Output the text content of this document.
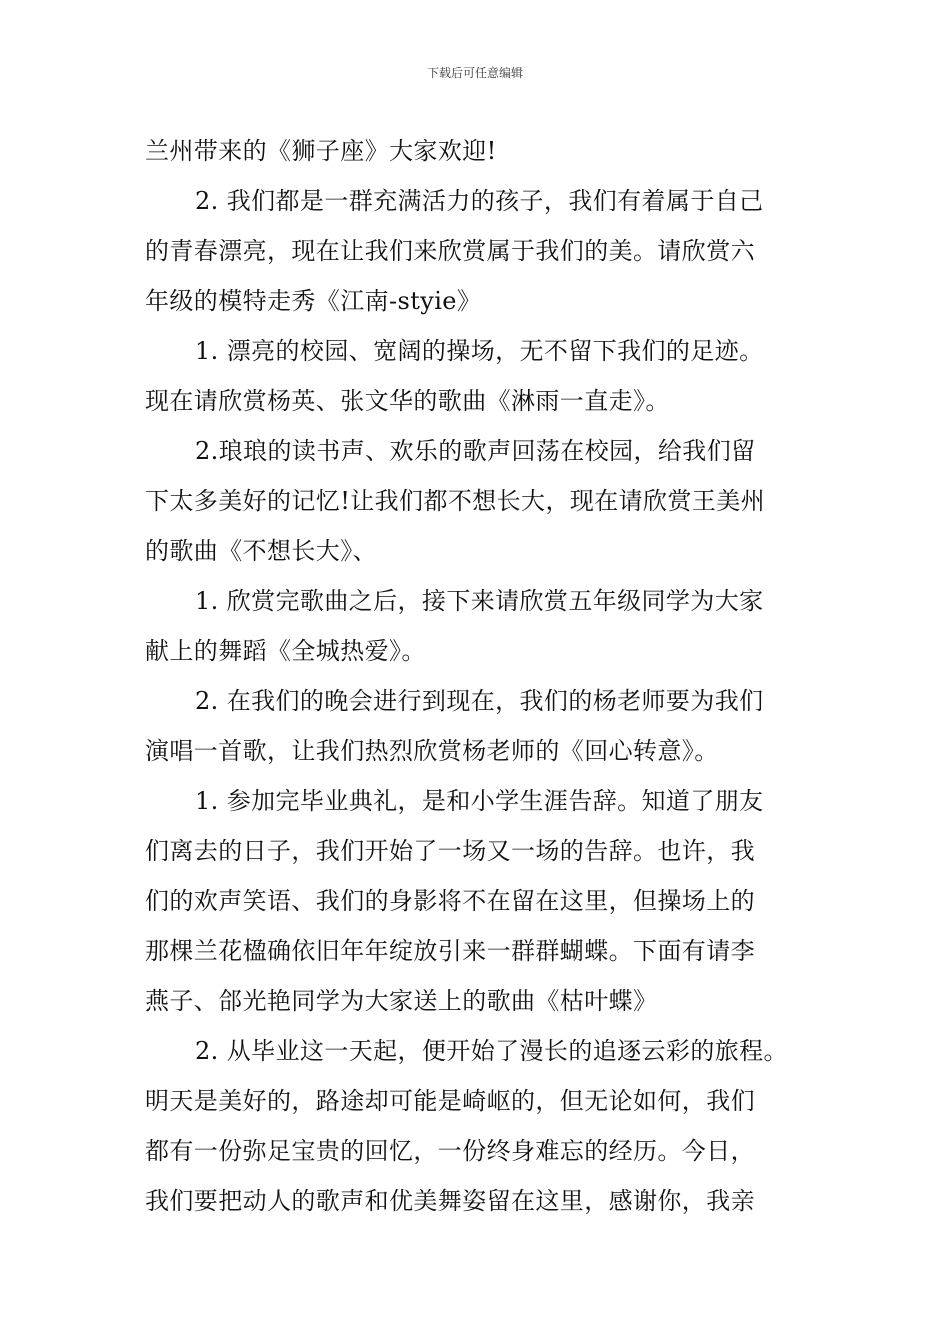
下载后可任意编辑
兰州带来的《狮子座》大家欢迎!
2. 我们都是一群充满活力的孩子，我们有着属于自己
的青春漂亮，现在让我们来欣赏属于我们的美。请欣赏六
年级的模特走秀《江南-styie》
1. 漂亮的校园、宽阔的操场，无不留下我们的足迹。
现在请欣赏杨英、张文华的歌曲《淋雨一直走》。
2.琅琅的读书声、欢乐的歌声回荡在校园，给我们留
下太多美好的记忆!让我们都不想长大，现在请欣赏王美州
的歌曲《不想长大》、
1. 欣赏完歌曲之后，接下来请欣赏五年级同学为大家
献上的舞蹈《全城热爱》。
2. 在我们的晚会进行到现在，我们的杨老师要为我们
演唱一首歌，让我们热烈欣赏杨老师的《回心转意》。
1. 参加完毕业典礼，是和小学生涯告辞。知道了朋友
们离去的日子，我们开始了一场又一场的告辞。也许，我
们的欢声笑语、我们的身影将不在留在这里，但操场上的
那棵兰花楹确依旧年年绽放引来一群群蝴蝶。下面有请李
燕子、郃光艳同学为大家送上的歌曲《枯叶蝶》
2. 从毕业这一天起，便开始了漫长的追逐云彩的旅程。
明天是美好的，路途却可能是崎岖的，但无论如何，我们
都有一份弥足宝贵的回忆，一份终身难忘的经历。今日，
我们要把动人的歌声和优美舞姿留在这里，感谢你，我亲
